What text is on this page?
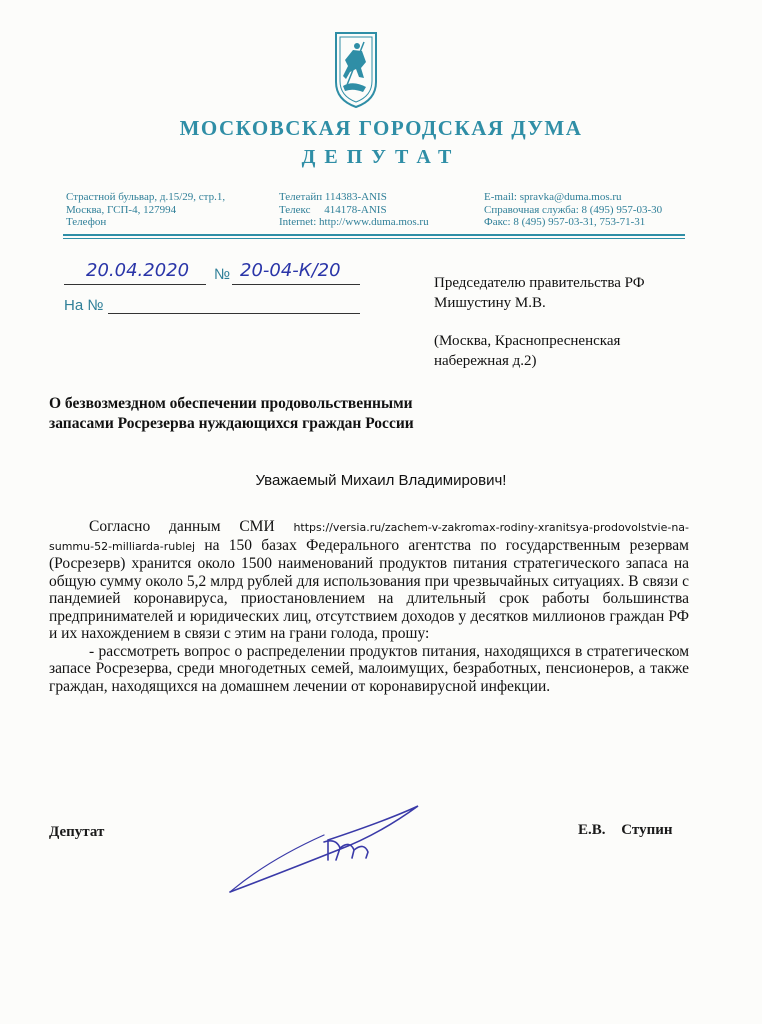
МОСКОВСКАЯ ГОРОДСКАЯ ДУМА
ДЕПУТАТ
Страстной бульвар, д.15/29, стр.1,
Москва, ГСП-4, 127994
Телефон
Телетайп 114383-ANIS
Телекс     414178-ANIS
Internet: http://www.duma.mos.ru
E-mail: spravka@duma.mos.ru
Справочная служба: 8 (495) 957-03-30
Факс: 8 (495) 957-03-31, 753-71-31
20.04.2020 № 20-04-К/20
На №
Председателю правительства РФ
Мишустину М.В.
(Москва, Краснопресненская
набережная д.2)
О безвозмездном обеспечении продовольственными
запасами Росрезерва нуждающихся граждан России
Уважаемый Михаил Владимирович!

Согласно данным СМИ https://versia.ru/zachem-v-zakromax-rodiny-xranitsya-prodovolstvie-na-summu-52-milliarda-rublej на 150 базах Федерального агентства по государственным резервам (Росрезерв) хранится около 1500 наименований продуктов питания стратегического запаса на общую сумму около 5,2 млрд рублей для использования при чрезвычайных ситуациях. В связи с пандемией коронавируса, приостановлением на длительный срок работы большинства предпринимателей и юридических лиц, отсутствием доходов у десятков миллионов граждан РФ и их нахождением в связи с этим на грани голода, прошу:

- рассмотреть вопрос о распределении продуктов питания, находящихся в стратегическом запасе Росрезерва, среди многодетных семей, малоимущих, безработных, пенсионеров, а также граждан, находящихся на домашнем лечении от коронавирусной инфекции.

Депутат	Е.В. Ступин
